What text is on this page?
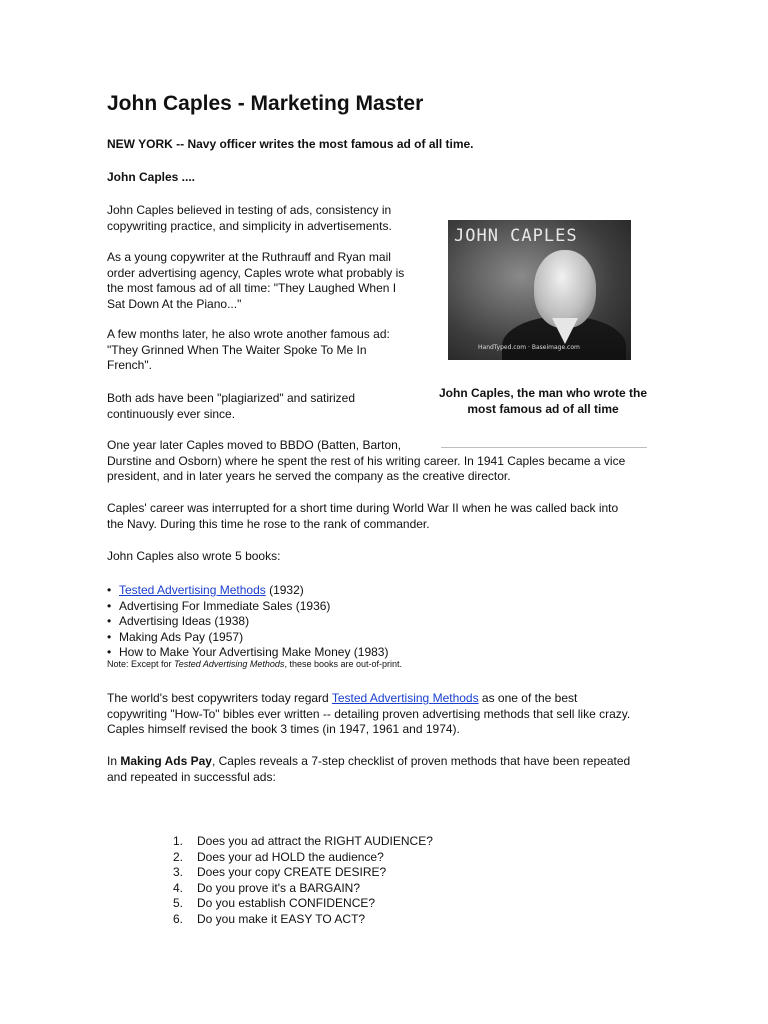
John Caples - Marketing Master
NEW YORK -- Navy officer writes the most famous ad of all time.
John Caples ....
John Caples believed in testing of ads, consistency in
copywriting practice, and simplicity in advertisements.
As a young copywriter at the Ruthrauff and Ryan mail
order advertising agency, Caples wrote what probably is
the most famous ad of all time: "They Laughed When I
Sat Down At the Piano..."
A few months later, he also wrote another famous ad:
"They Grinned When The Waiter Spoke To Me In
French".
Both ads have been "plagiarized" and satirized
continuously ever since.
JOHN CAPLES
HandTyped.com · Baseimage.com
John Caples, the man who wrote the
most famous ad of all time
One year later Caples moved to BBDO (Batten, Barton,
Durstine and Osborn) where he spent the rest of his writing career. In 1941 Caples became a vice
president, and in later years he served the company as the creative director.
Caples' career was interrupted for a short time during World War II when he was called back into
the Navy. During this time he rose to the rank of commander.
John Caples also wrote 5 books:
• Tested Advertising Methods (1932)
• Advertising For Immediate Sales (1936)
• Advertising Ideas (1938)
• Making Ads Pay (1957)
• How to Make Your Advertising Make Money (1983)
Note: Except for Tested Advertising Methods, these books are out-of-print.
The world's best copywriters today regard Tested Advertising Methods as one of the best
copywriting "How-To" bibles ever written -- detailing proven advertising methods that sell like crazy.
Caples himself revised the book 3 times (in 1947, 1961 and 1974).
In Making Ads Pay, Caples reveals a 7-step checklist of proven methods that have been repeated
and repeated in successful ads:
1. Does you ad attract the RIGHT AUDIENCE?
2. Does your ad HOLD the audience?
3. Does your copy CREATE DESIRE?
4. Do you prove it's a BARGAIN?
5. Do you establish CONFIDENCE?
6. Do you make it EASY TO ACT?
